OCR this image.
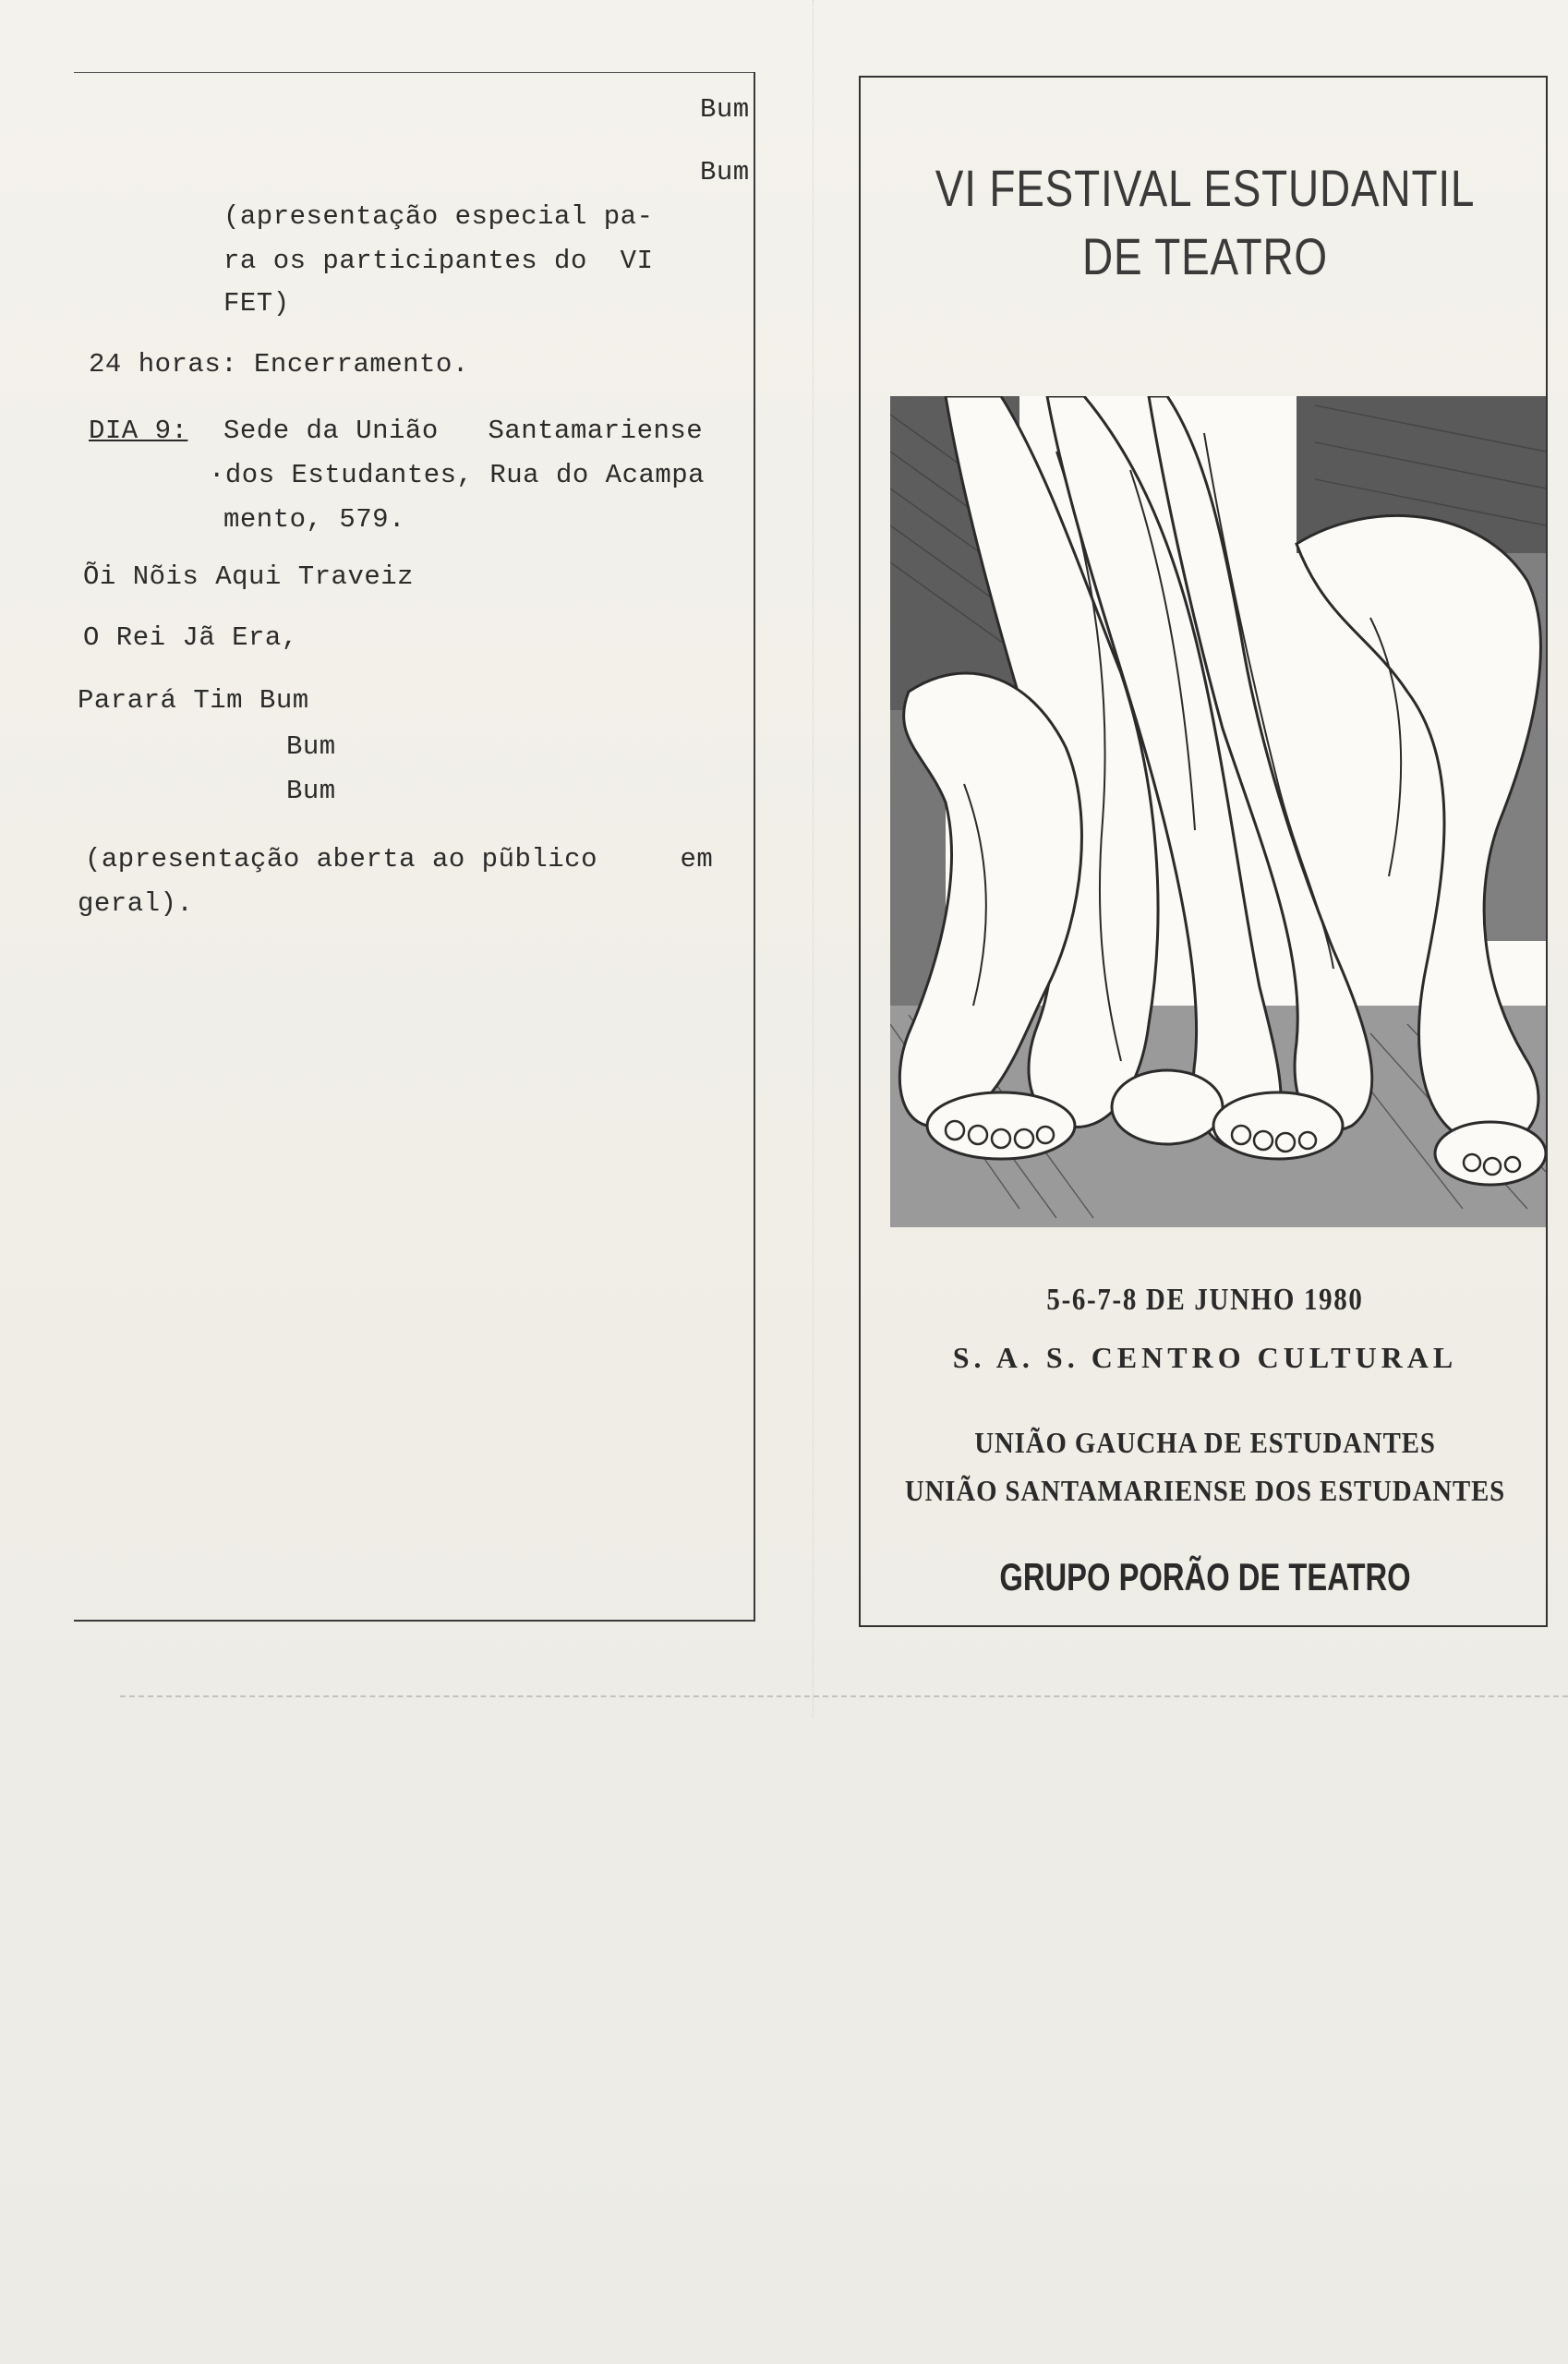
Bum
Bum
(apresentação especial pa-
ra os participantes do  VI
FET)
24 horas: Encerramento.
DIA 9: Sede da União   Santamariense
·dos Estudantes, Rua do Acampa
mento, 579.
Õi Nõis Aqui Traveiz
O Rei Jã Era,
Parará Tim Bum
Bum
Bum
(apresentação aberta ao pũblico     em
geral).
VI FESTIVAL ESTUDANTIL
DE TEATRO
5-6-7-8 DE JUNHO 1980
S. A. S. CENTRO CULTURAL
UNIÃO GAUCHA DE ESTUDANTES
UNIÃO SANTAMARIENSE DOS ESTUDANTES
GRUPO PORÃO DE TEATRO
